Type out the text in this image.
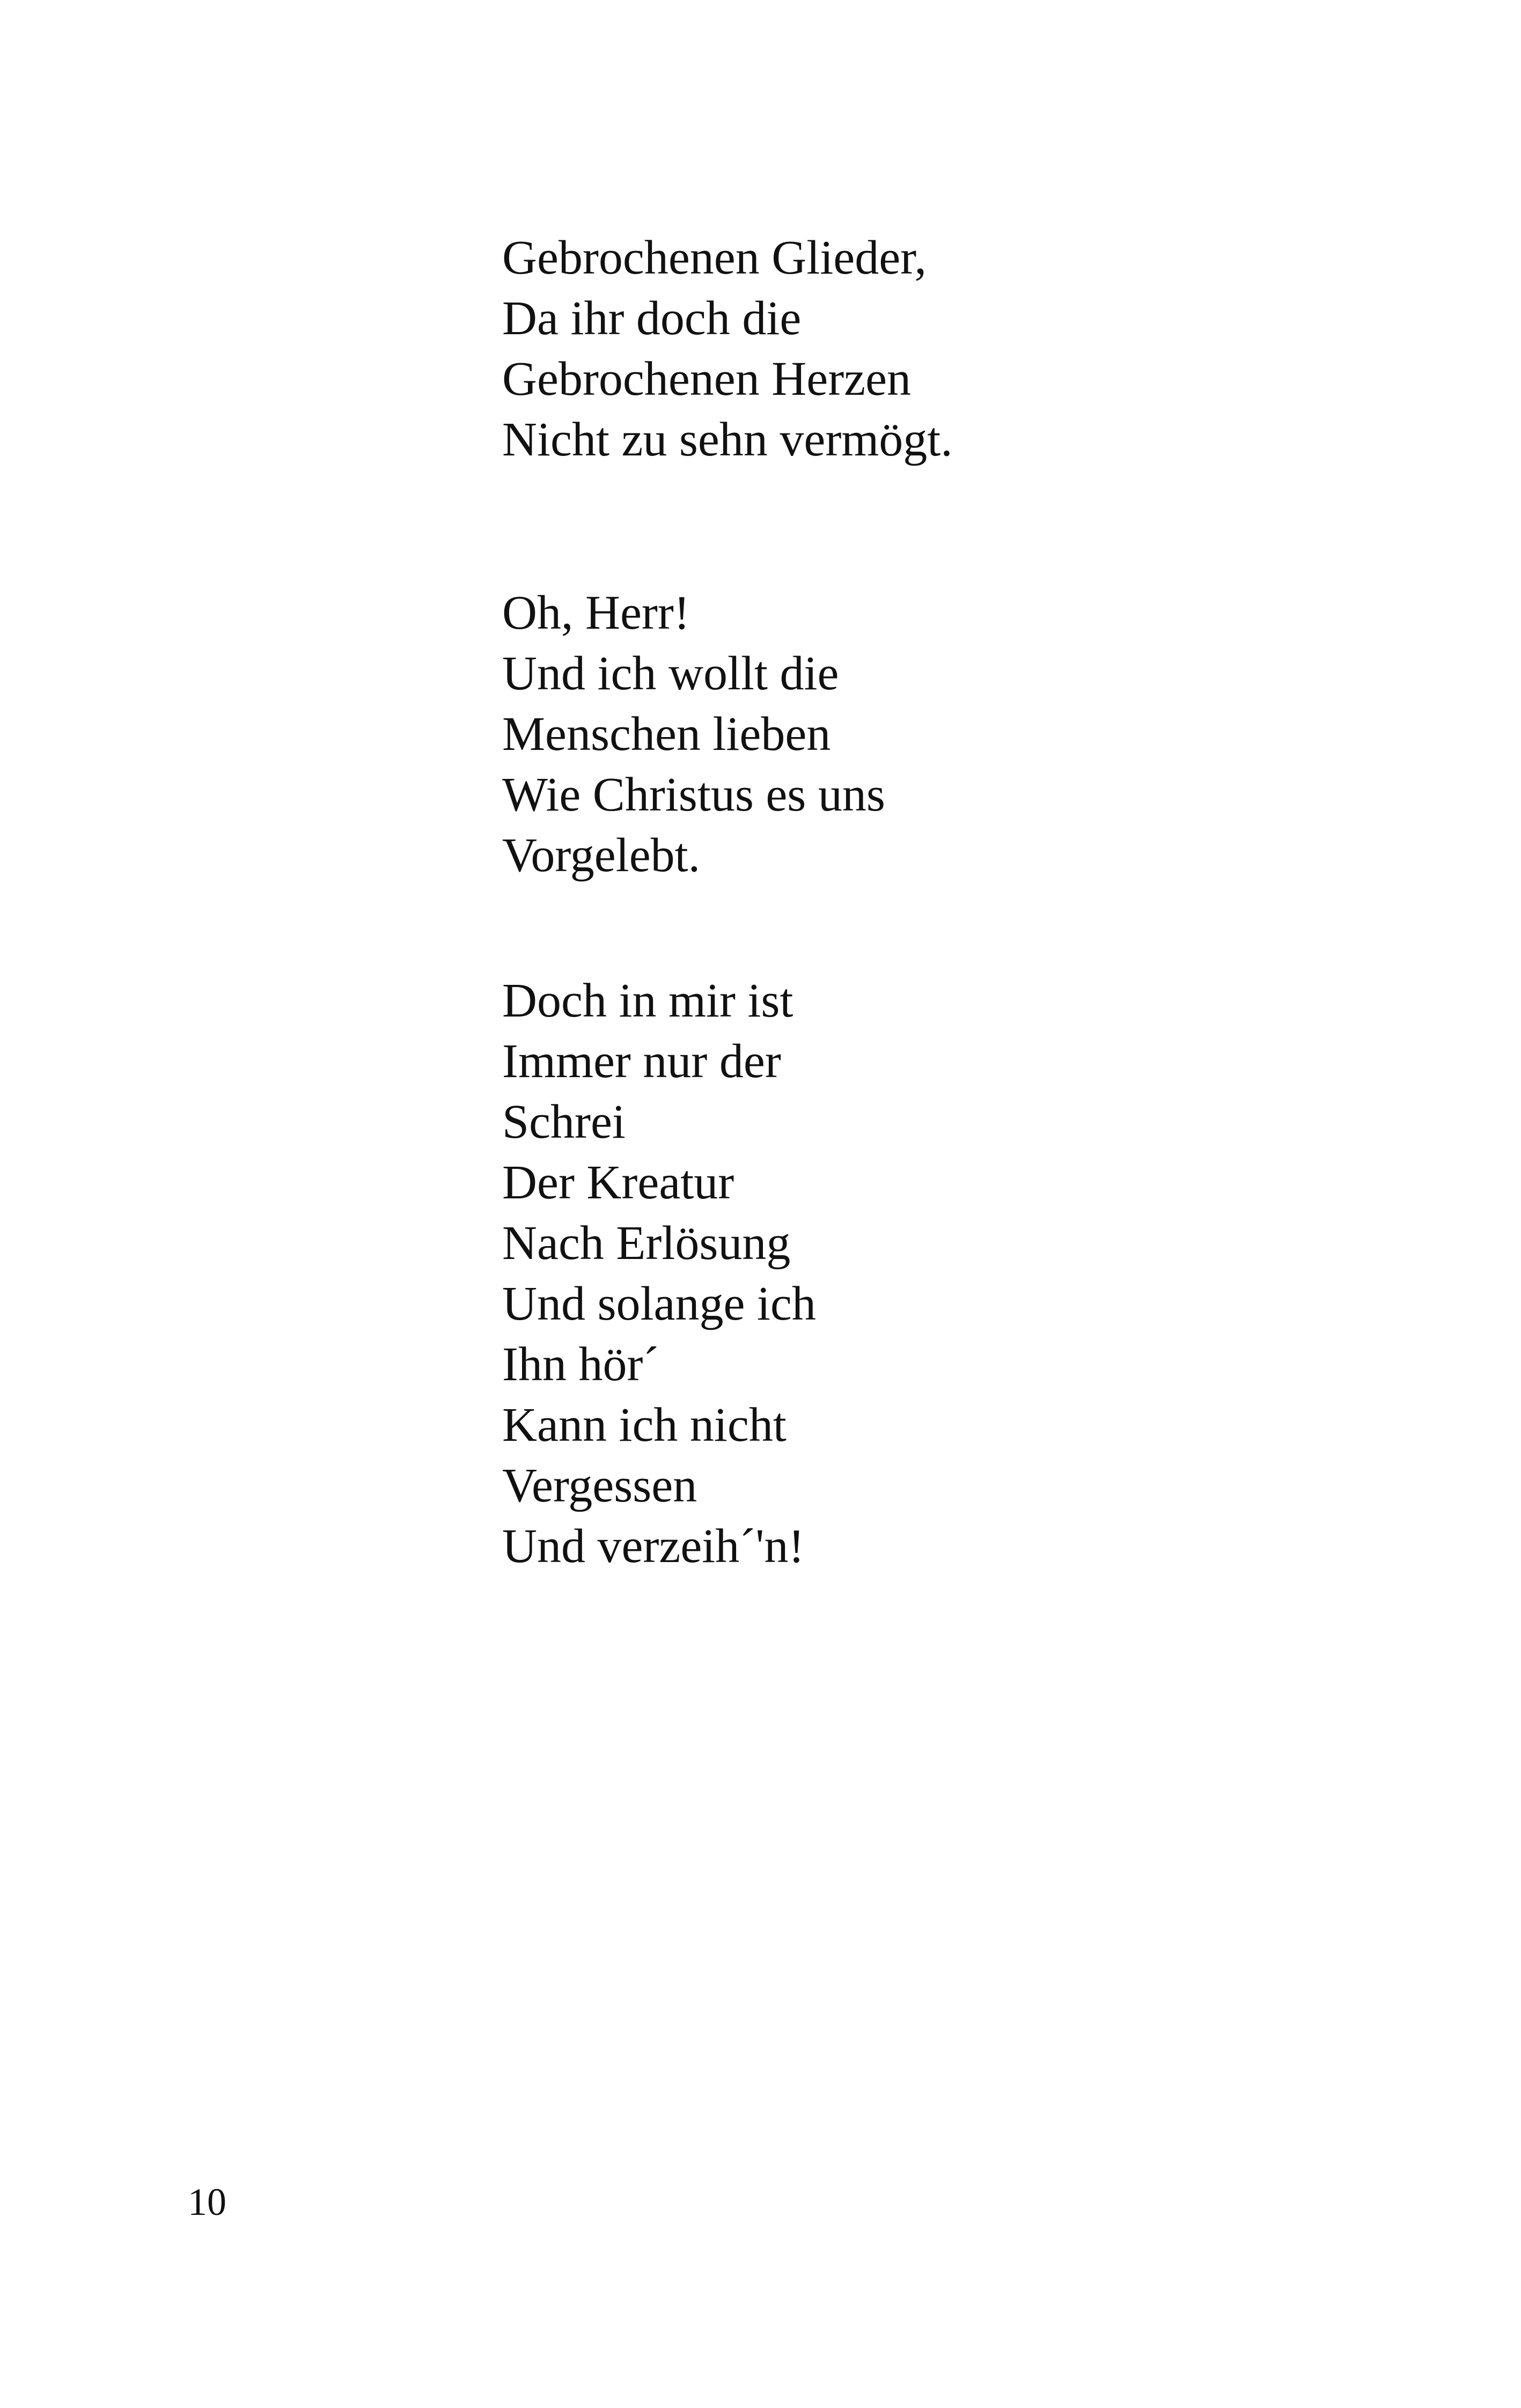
Gebrochenen Glieder,
Da ihr doch die
Gebrochenen Herzen
Nicht zu sehn vermögt.
Oh, Herr!
Und ich wollt die
Menschen lieben
Wie Christus es uns
Vorgelebt.
Doch in mir ist
Immer nur der
Schrei
Der Kreatur
Nach Erlösung
Und solange ich
Ihn hör´
Kann ich nicht
Vergessen
Und verzeih´'n!
10
